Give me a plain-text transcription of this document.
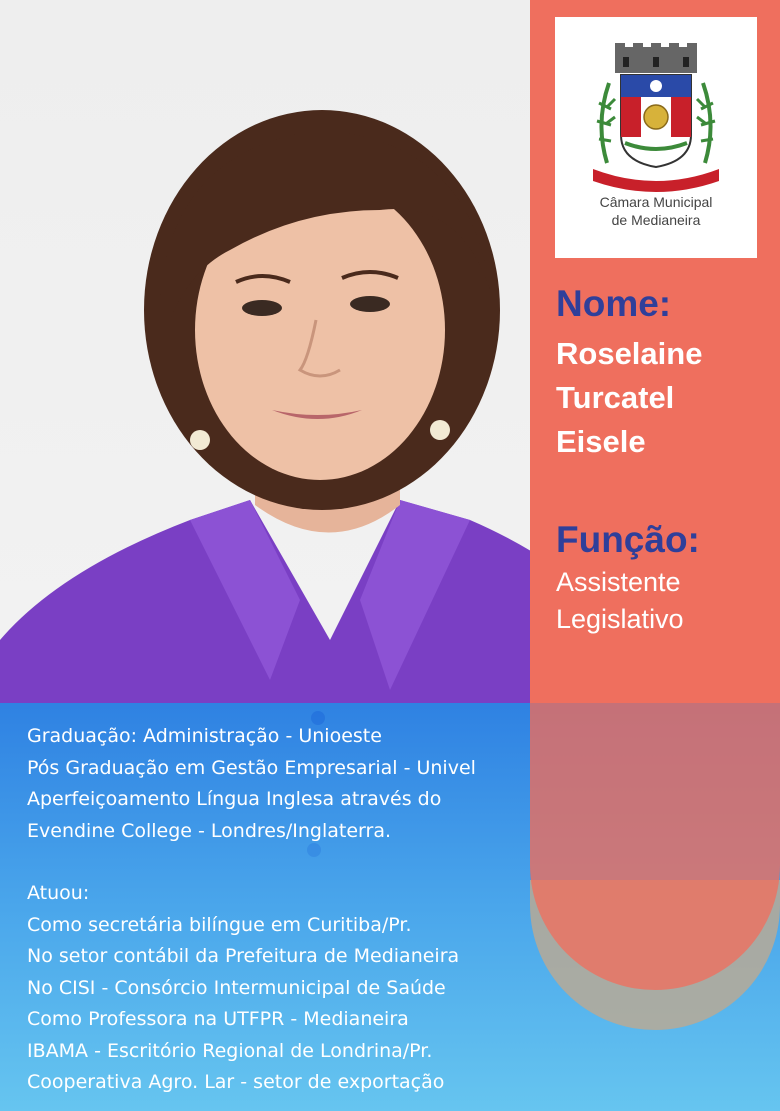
Câmara Municipal
de Medianeira
Nome:
Roselaine
Turcatel
Eisele
Função:
Assistente
Legislativo
Graduação: Administração - Unioeste
Pós Graduação em Gestão Empresarial - Univel
Aperfeiçoamento Língua Inglesa através do
Evendine College - Londres/Inglaterra.
Atuou:
Como secretária bilíngue em Curitiba/Pr.
No setor contábil da Prefeitura de Medianeira
No CISI - Consórcio Intermunicipal de Saúde
Como Professora na UTFPR - Medianeira
IBAMA - Escritório Regional de Londrina/Pr.
Cooperativa Agro. Lar - setor de exportação
